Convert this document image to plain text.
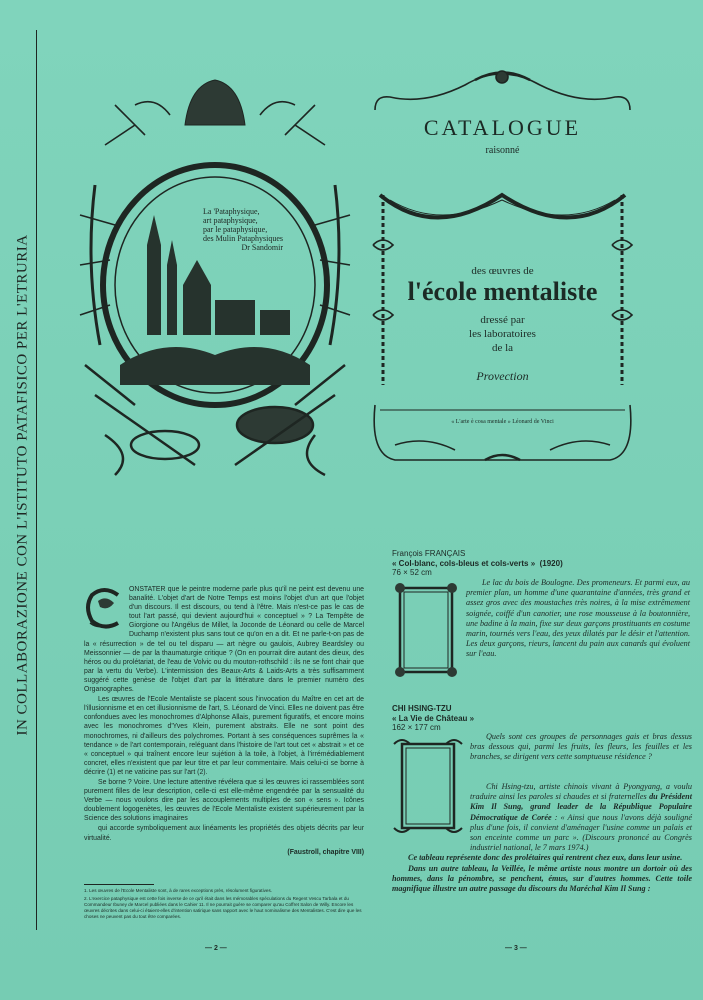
IN COLLABORAZIONE CON L'ISTITUTO PATAFISICO PER L'ETRURIA
La 'Pataphysique,
art pataphysique,
par le pataphysique,
des Mulin Pataphysiques
Dr Sandomir
CATALOGUE
raisonné
des œuvres de
l'école mentaliste
dressé par
les laboratoires
de la
Provection
« L'arte è cosa mentale » Léonard de Vinci

ONSTATER que le peintre moderne parle plus qu'il ne peint est devenu une banalité. L'objet d'art de Notre Temps est moins l'objet d'un art que l'objet d'un discours. Il est discours, ou tend à l'être. Mais n'est-ce pas le cas de tout l'art passé, qui devient aujourd'hui « conceptuel » ? La Tempête de Giorgione ou l'Angélus de Millet, la Joconde de Léonard ou celle de Marcel Duchamp n'existent plus sans tout ce qu'on en a dit. Et ne parle-t-on pas de la « résurrection » de tel ou tel disparu — art nègre ou gaulois, Aubrey Beardsley ou Meissonnier — de par la thaumaturgie critique ? (On en pourrait dire autant des dieux, des héros ou du prolétariat, de l'eau de Volvic ou du mouton-rothschild : ils ne se font chair que par la vertu du Verbe). L'intermission des Beaux-Arts & Laids-Arts a très suffisamment suggéré cette genèse de l'objet d'art par la littérature dans le premier numéro des Organographes.

Les œuvres de l'Ecole Mentaliste se placent sous l'invocation du Maître en cet art de l'illusionnisme et en cet illusionnisme de l'art, S. Léonard de Vinci. Elles ne doivent pas être confondues avec les monochromes d'Alphonse Allais, purement figuratifs, et encore moins avec les monochromes d'Yves Klein, purement abstraits. Elle ne sont point des monochromes, ni d'ailleurs des polychromes. Portant à ses conséquences suprêmes la « tendance » de l'art contemporain, reléguant dans l'histoire de l'art tout cet « abstrait » et ce « conceptuel » qui traînent encore leur sujétion à la toile, à l'objet, à l'irrémédiablement concret, elles n'existent que par leur titre et par leur commentaire. Mais celui-ci se borne à décrire (1) et ne vaticine pas sur l'art (2).

Se borne ? Voire. Une lecture attentive révélera que si les œuvres ici rassemblées sont purement filles de leur description, celle-ci est elle-même engendrée par la sensualité du Verbe — nous voulons dire par les accouplements multiples de son « sens ». Icônes doublement logogenètes, les œuvres de l'Ecole Mentaliste existent supérieurement par la Science des solutions imaginaires

qui accorde symboliquement aux linéaments les propriétés des objets décrits par leur virtualité.

(Faustroll, chapitre VIII)

1. Les œuvres de l'Ecole Mentaliste sont, à de rares exceptions près, résolument figuratives.

2. L'exercice pataphysique est cette fois inverse de ce qu'il était dans les mémorables spéculations du Regent Vescu Tarbala et du Commandeur Ibuney de Marcel publiées dans le Cahier 11. Il ne pourrait guère se comparer qu'au Coffret Salon de Willy. Encore les œuvres décrites dans celui-ci étaient-elles d'intention satirique sans rapport avec le haut nominalisme des Mentalistes. C'est dire que les choses ne peuvent pas du tout être comparées.

— 2 —	— 3 —
François FRANÇAIS
« Col-blanc, cols-bleus et cols-verts » (1920)
76 × 52 cm

Le lac du bois de Boulogne. Des promeneurs. Et parmi eux, au premier plan, un homme d'une quarantaine d'années, très grand et assez gros avec des moustaches très noires, à la mise extrêmement soignée, coiffé d'un canotier, une rose mousseuse à la boutonnière, une badine à la main, fixe sur deux garçons prostituants en costume marin, tournés vers l'eau, des yeux dilatés par le désir et l'attention. Les deux garçons, rieurs, lancent du pain aux canards qui évoluent sur l'eau.

CHI HSING-TZU
« La Vie de Château »
162 × 177 cm

Quels sont ces groupes de personnages gais et bras dessus bras dessous qui, parmi les fruits, les fleurs, les feuilles et les branches, se dirigent vers cette somptueuse résidence ?

Chi Hsing-tzu, artiste chinois vivant à Pyongyang, a voulu traduire ainsi les paroles si chaudes et si fraternelles du Président Kim Il Sung, grand leader de la République Populaire Démocratique de Corée : « Ainsi que nous l'avons déjà souligné plus d'une fois, il convient d'aménager l'usine comme un palais et son enceinte comme un parc ». (Discours prononcé au Congrès industriel national, le 7 mars 1974.)

Ce tableau représente donc des prolétaires qui rentrent chez eux, dans leur usine.

Dans un autre tableau, la Veillée, le même artiste nous montre un dortoir où des hommes, dans la pénombre, se penchent, émus, sur d'autres hommes. Cette toile magnifique illustre un autre passage du discours du Maréchal Kim Il Sung :
